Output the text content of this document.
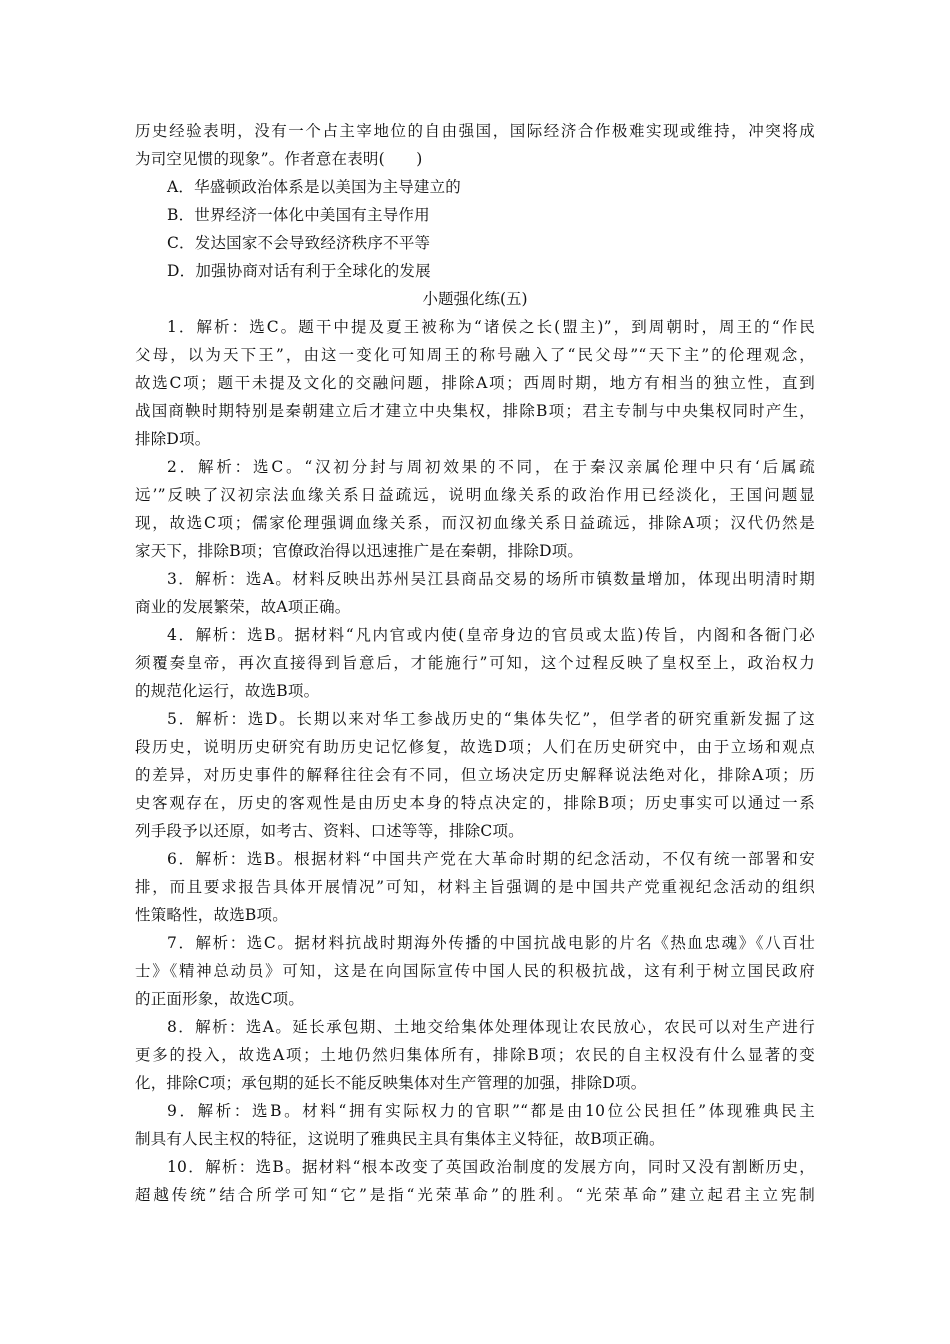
历史经验表明，没有一个占主宰地位的自由强国，国际经济合作极难实现或维持，冲突将成
为司空见惯的现象”。作者意在表明(　　)
A．华盛顿政治体系是以美国为主导建立的
B．世界经济一体化中美国有主导作用
C．发达国家不会导致经济秩序不平等
D．加强协商对话有利于全球化的发展
小题强化练(五)
1．解析：选C。题干中提及夏王被称为“诸侯之长(盟主)”，到周朝时，周王的“作民
父母，以为天下王”，由这一变化可知周王的称号融入了“民父母”“天下主”的伦理观念，
故选C项；题干未提及文化的交融问题，排除A项；西周时期，地方有相当的独立性，直到
战国商鞅时期特别是秦朝建立后才建立中央集权，排除B项；君主专制与中央集权同时产生，
排除D项。
2．解析：选C。“汉初分封与周初效果的不同，在于秦汉亲属伦理中只有‘后属疏
远’”反映了汉初宗法血缘关系日益疏远，说明血缘关系的政治作用已经淡化，王国问题显
现，故选C项；儒家伦理强调血缘关系，而汉初血缘关系日益疏远，排除A项；汉代仍然是
家天下，排除B项；官僚政治得以迅速推广是在秦朝，排除D项。
3．解析：选A。材料反映出苏州吴江县商品交易的场所市镇数量增加，体现出明清时期
商业的发展繁荣，故A项正确。
4．解析：选B。据材料“凡内官或内使(皇帝身边的官员或太监)传旨，内阁和各衙门必
须覆奏皇帝，再次直接得到旨意后，才能施行”可知，这个过程反映了皇权至上，政治权力
的规范化运行，故选B项。
5．解析：选D。长期以来对华工参战历史的“集体失忆”，但学者的研究重新发掘了这
段历史，说明历史研究有助历史记忆修复，故选D项；人们在历史研究中，由于立场和观点
的差异，对历史事件的解释往往会有不同，但立场决定历史解释说法绝对化，排除A项；历
史客观存在，历史的客观性是由历史本身的特点决定的，排除B项；历史事实可以通过一系
列手段予以还原，如考古、资料、口述等等，排除C项。
6．解析：选B。根据材料“中国共产党在大革命时期的纪念活动，不仅有统一部署和安
排，而且要求报告具体开展情况”可知，材料主旨强调的是中国共产党重视纪念活动的组织
性策略性，故选B项。
7．解析：选C。据材料抗战时期海外传播的中国抗战电影的片名《热血忠魂》《八百壮
士》《精神总动员》可知，这是在向国际宣传中国人民的积极抗战，这有利于树立国民政府
的正面形象，故选C项。
8．解析：选A。延长承包期、土地交给集体处理体现让农民放心，农民可以对生产进行
更多的投入，故选A项；土地仍然归集体所有，排除B项；农民的自主权没有什么显著的变
化，排除C项；承包期的延长不能反映集体对生产管理的加强，排除D项。
9．解析：选B。材料“拥有实际权力的官职”“都是由10位公民担任”体现雅典民主
制具有人民主权的特征，这说明了雅典民主具有集体主义特征，故B项正确。
10．解析：选B。据材料“根本改变了英国政治制度的发展方向，同时又没有割断历史，
超越传统”结合所学可知“它”是指“光荣革命”的胜利。“光荣革命”建立起君主立宪制
